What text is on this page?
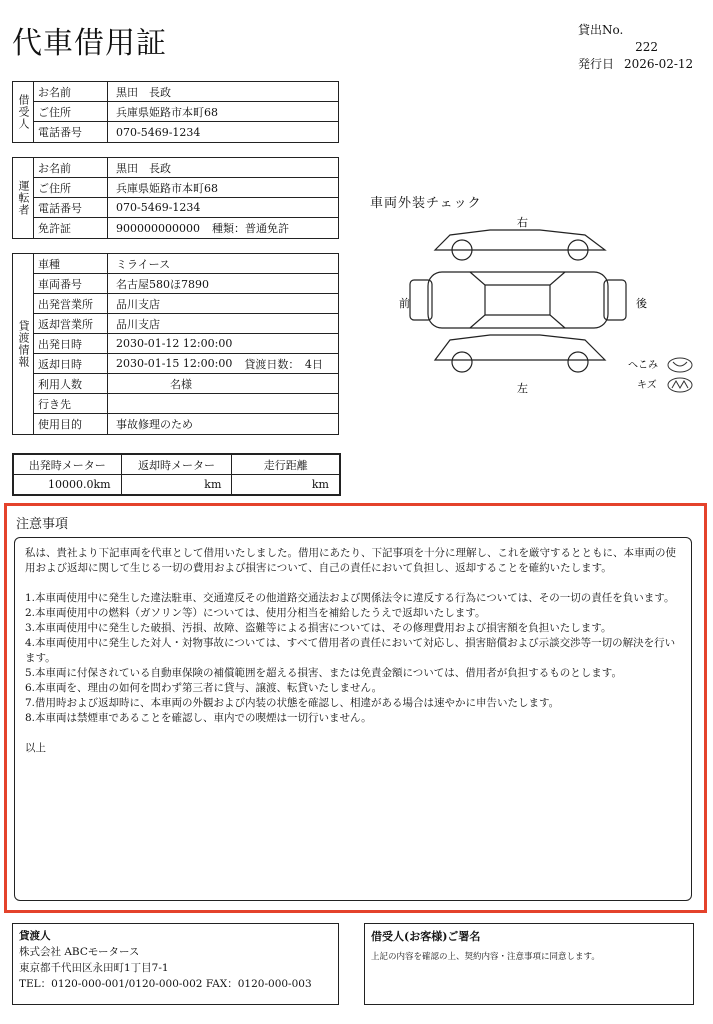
代車借用証	貸出No.222
発行日 2026-02-12
借受人
お名前	黒田　長政
ご住所	兵庫県姫路市本町68
電話番号	070-5469-1234
運転者
お名前	黒田　長政
ご住所	兵庫県姫路市本町68
電話番号	070-5469-1234
免許証	900000000000 種類：普通免許
貸渡情報
車種	ミライース
車両番号	名古屋580ほ7890
出発営業所	品川支店
返却営業所	品川支店
出発日時	2030-01-12 12:00:00
返却日時	2030-01-15 12:00:00 貸渡日数：　4日
利用人数	名様
行き先
使用目的	事故修理のため
出発時メーター	返却時メーター	走行距離
10000.0km	km	km
車両外装チェック
右
左
前	後
へこみ
キズ
注意事項

私は、貴社より下記車両を代車として借用いたしました。借用にあたり、下記事項を十分に理解し、これを厳守するとともに、本車両の使用および返却に関して生じる一切の費用および損害について、自己の責任において負担し、返却することを確約いたします。

1.本車両使用中に発生した違法駐車、交通違反その他道路交通法および関係法令に違反する行為については、その一切の責任を負います。

2.本車両使用中の燃料（ガソリン等）については、使用分相当を補給したうえで返却いたします。

3.本車両使用中に発生した破損、汚損、故障、盗難等による損害については、その修理費用および損害額を負担いたします。

4.本車両使用中に発生した対人・対物事故については、すべて借用者の責任において対応し、損害賠償および示談交渉等一切の解決を行います。

5.本車両に付保されている自動車保険の補償範囲を超える損害、または免責金額については、借用者が負担するものとします。

6.本車両を、理由の如何を問わず第三者に貸与、譲渡、転貸いたしません。

7.借用時および返却時に、本車両の外観および内装の状態を確認し、相違がある場合は速やかに申告いたします。

8.本車両は禁煙車であることを確認し、車内での喫煙は一切行いません。

以上

貸渡人
株式会社 ABCモータース
東京都千代田区永田町1丁目7-1
TEL：0120-000-001/0120-000-002 FAX：0120-000-003
借受人(お客様)ご署名
上記の内容を確認の上、契約内容・注意事項に同意します。
